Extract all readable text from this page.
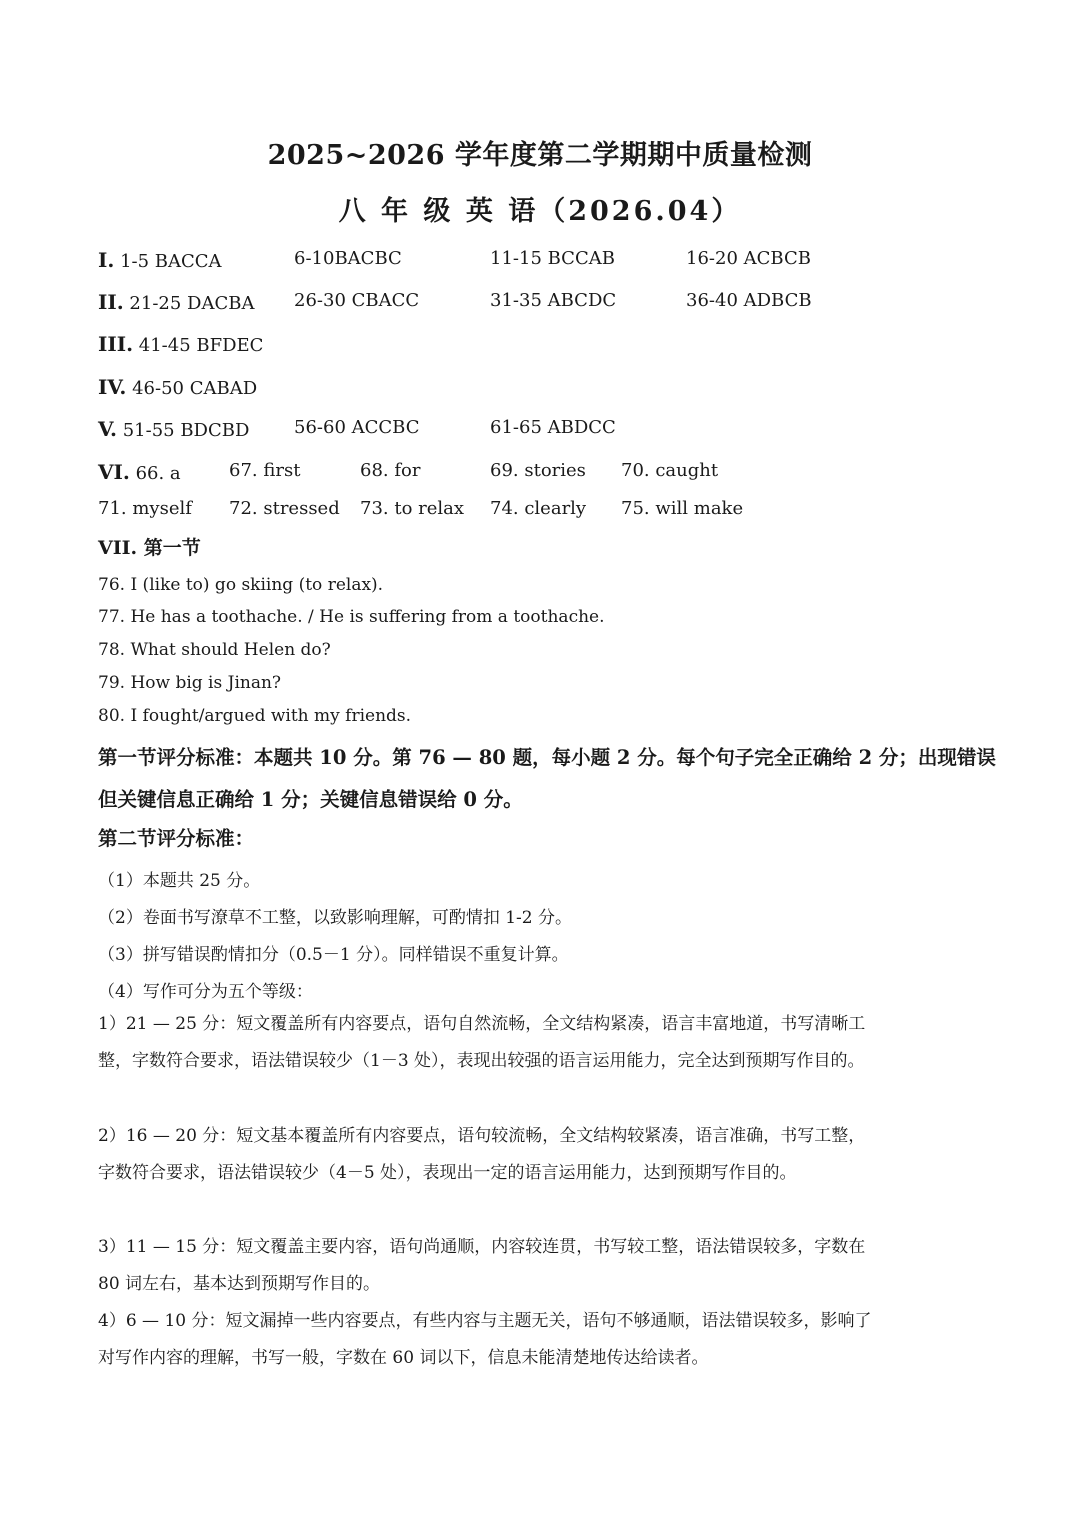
2025~2026 学年度第二学期期中质量检测
八 年 级 英 语（2026.04）
I. 1-5 BACCA	6-10BACBC	11-15 BCCAB	16-20 ACBCB
II. 21-25 DACBA 26-30 CBACC	31-35 ABCDC	36-40 ADBCB
III. 41-45 BFDEC
IV. 46-50 CABAD
V. 51-55 BDCBD 56-60 ACCBC	61-65 ABDCC
VI. 66. a	67. first	68. for	69. stories 70. caught
71. myself 72. stressed 73. to relax 74. clearly 75. will make
VII. 第一节
76. I (like to) go skiing (to relax).
77. He has a toothache. / He is suffering from a toothache.
78. What should Helen do?
79. How big is Jinan?
80. I fought/argued with my friends.
第一节评分标准：本题共 10 分。第 76 — 80 题，每小题 2 分。每个句子完全正确给 2 分；出现错误但关键信息正确给 1 分；关键信息错误给 0 分。
第二节评分标准：
（1）本题共 25 分。
（2）卷面书写潦草不工整，以致影响理解，可酌情扣 1-2 分。
（3）拼写错误酌情扣分（0.5－1 分）。同样错误不重复计算。
（4）写作可分为五个等级：
1）21 — 25 分：短文覆盖所有内容要点，语句自然流畅，全文结构紧凑，语言丰富地道，书写清晰工整，字数符合要求，语法错误较少（1－3 处），表现出较强的语言运用能力，完全达到预期写作目的。
2）16 — 20 分：短文基本覆盖所有内容要点，语句较流畅，全文结构较紧凑，语言准确，书写工整，字数符合要求，语法错误较少（4－5 处），表现出一定的语言运用能力，达到预期写作目的。
3）11 — 15 分：短文覆盖主要内容，语句尚通顺，内容较连贯，书写较工整，语法错误较多，字数在 80 词左右，基本达到预期写作目的。
4）6 — 10 分：短文漏掉一些内容要点，有些内容与主题无关，语句不够通顺，语法错误较多，影响了对写作内容的理解，书写一般，字数在 60 词以下，信息未能清楚地传达给读者。
